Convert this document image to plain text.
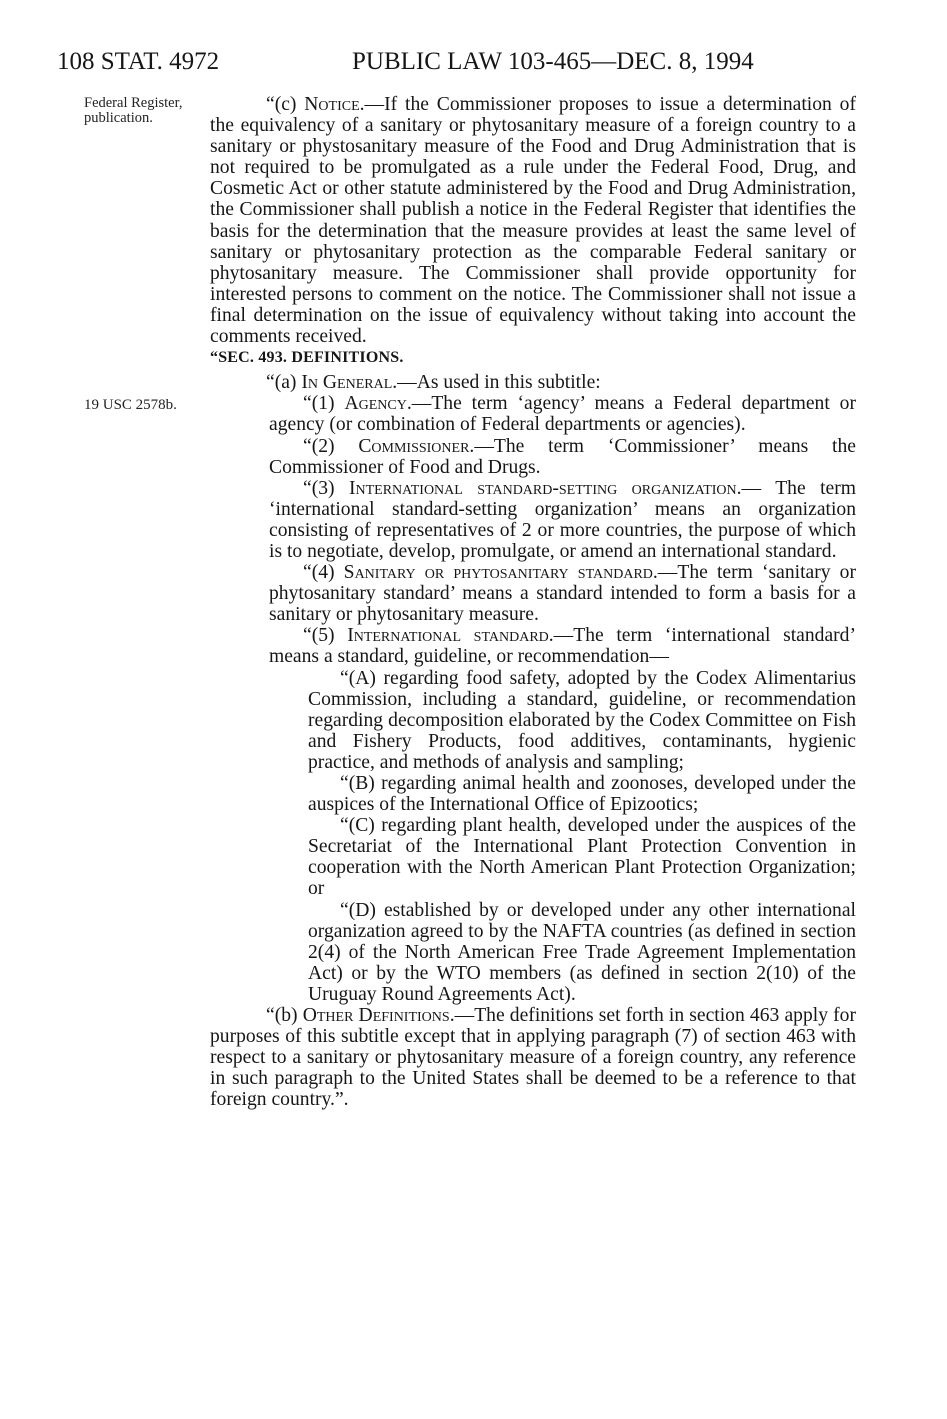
108 STAT. 4972	PUBLIC LAW 103-465—DEC. 8, 1994
Federal Register, publication.
19 USC 2578b.

“(c) Notice.—If the Commissioner proposes to issue a determination of the equivalency of a sanitary or phytosanitary measure of a foreign country to a sanitary or phystosanitary measure of the Food and Drug Administration that is not required to be promulgated as a rule under the Federal Food, Drug, and Cosmetic Act or other statute administered by the Food and Drug Administration, the Commissioner shall publish a notice in the Federal Register that identifies the basis for the determination that the measure provides at least the same level of sanitary or phytosanitary protection as the comparable Federal sanitary or phytosanitary measure. The Commissioner shall provide opportunity for interested persons to comment on the notice. The Commissioner shall not issue a final determination on the issue of equivalency without taking into account the comments received.

“SEC. 493. DEFINITIONS.

“(a) In General.—As used in this subtitle:

“(1) Agency.—The term ‘agency’ means a Federal department or agency (or combination of Federal departments or agencies).

“(2) Commissioner.—The term ‘Commissioner’ means the Commissioner of Food and Drugs.

“(3) International standard-setting organization.— The term ‘international standard-setting organization’ means an organization consisting of representatives of 2 or more countries, the purpose of which is to negotiate, develop, promulgate, or amend an international standard.

“(4) Sanitary or phytosanitary standard.—The term ‘sanitary or phytosanitary standard’ means a standard intended to form a basis for a sanitary or phytosanitary measure.

“(5) International standard.—The term ‘international standard’ means a standard, guideline, or recommendation—

“(A) regarding food safety, adopted by the Codex Alimentarius Commission, including a standard, guideline, or recommendation regarding decomposition elaborated by the Codex Committee on Fish and Fishery Products, food additives, contaminants, hygienic practice, and methods of analysis and sampling;

“(B) regarding animal health and zoonoses, developed under the auspices of the International Office of Epizootics;

“(C) regarding plant health, developed under the auspices of the Secretariat of the International Plant Protection Convention in cooperation with the North American Plant Protection Organization; or

“(D) established by or developed under any other international organization agreed to by the NAFTA countries (as defined in section 2(4) of the North American Free Trade Agreement Implementation Act) or by the WTO members (as defined in section 2(10) of the Uruguay Round Agreements Act).

“(b) Other Definitions.—The definitions set forth in section 463 apply for purposes of this subtitle except that in applying paragraph (7) of section 463 with respect to a sanitary or phytosanitary measure of a foreign country, any reference in such paragraph to the United States shall be deemed to be a reference to that foreign country.”.
